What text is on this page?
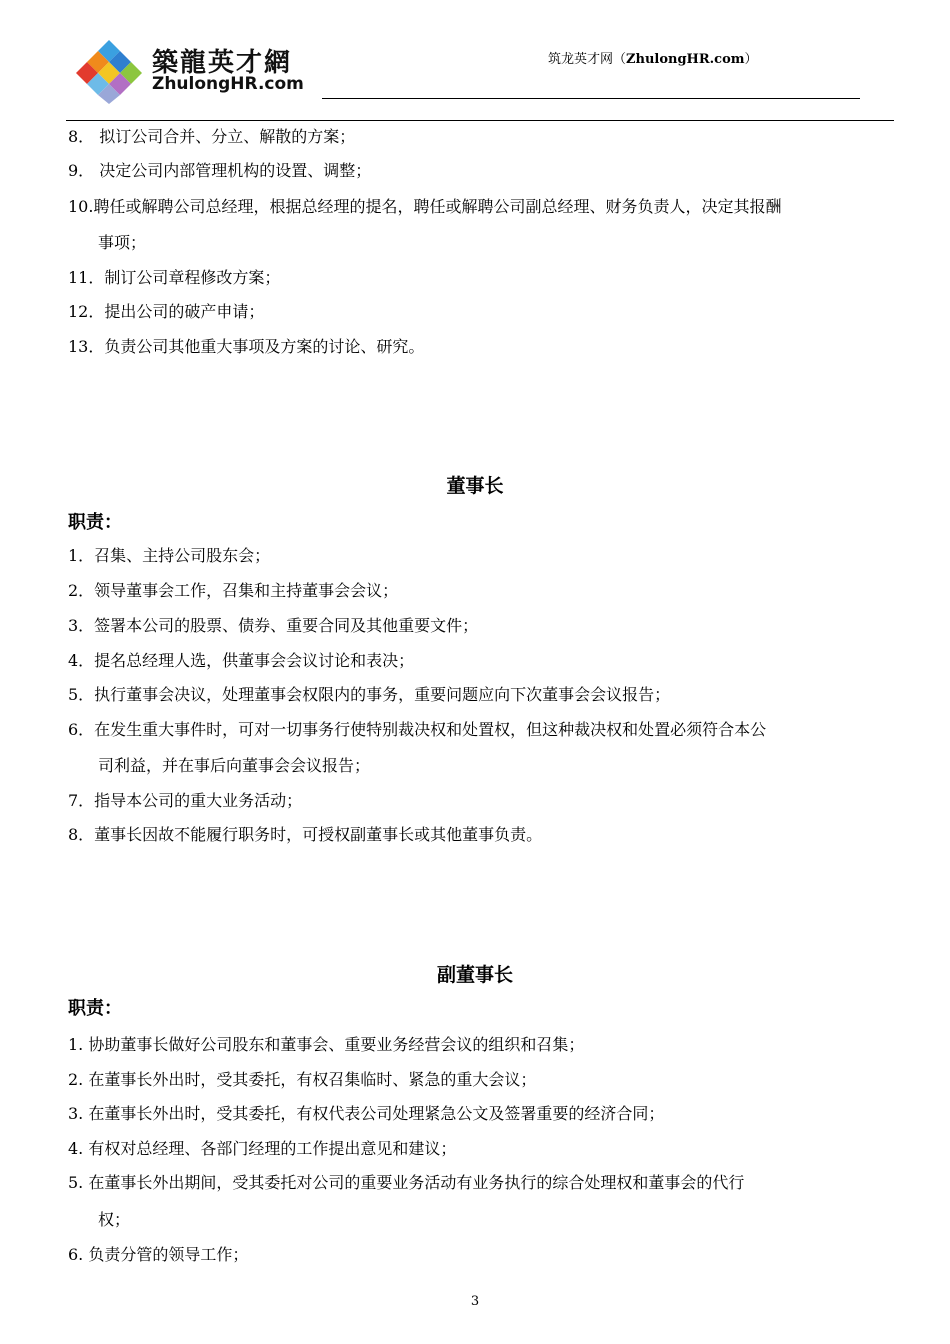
築龍英才網
ZhulongHR.com
筑龙英才网（ZhulongHR.com）
8． 拟订公司合并、分立、解散的方案；
9． 决定公司内部管理机构的设置、调整；
10.聘任或解聘公司总经理，根据总经理的提名，聘任或解聘公司副总经理、财务负责人，决定其报酬
事项；
11．制订公司章程修改方案；
12．提出公司的破产申请；
13．负责公司其他重大事项及方案的讨论、研究。
董事长
职责：
1．召集、主持公司股东会；
2．领导董事会工作，召集和主持董事会会议；
3．签署本公司的股票、债券、重要合同及其他重要文件；
4．提名总经理人选，供董事会会议讨论和表决；
5．执行董事会决议，处理董事会权限内的事务，重要问题应向下次董事会会议报告；
6．在发生重大事件时，可对一切事务行使特别裁决权和处置权，但这种裁决权和处置必须符合本公
司利益，并在事后向董事会会议报告；
7．指导本公司的重大业务活动；
8．董事长因故不能履行职务时，可授权副董事长或其他董事负责。
副董事长
职责：
1. 协助董事长做好公司股东和董事会、重要业务经营会议的组织和召集；
2. 在董事长外出时，受其委托，有权召集临时、紧急的重大会议；
3. 在董事长外出时，受其委托，有权代表公司处理紧急公文及签署重要的经济合同；
4. 有权对总经理、各部门经理的工作提出意见和建议；
5. 在董事长外出期间，受其委托对公司的重要业务活动有业务执行的综合处理权和董事会的代行
权；
6. 负责分管的领导工作；
3
